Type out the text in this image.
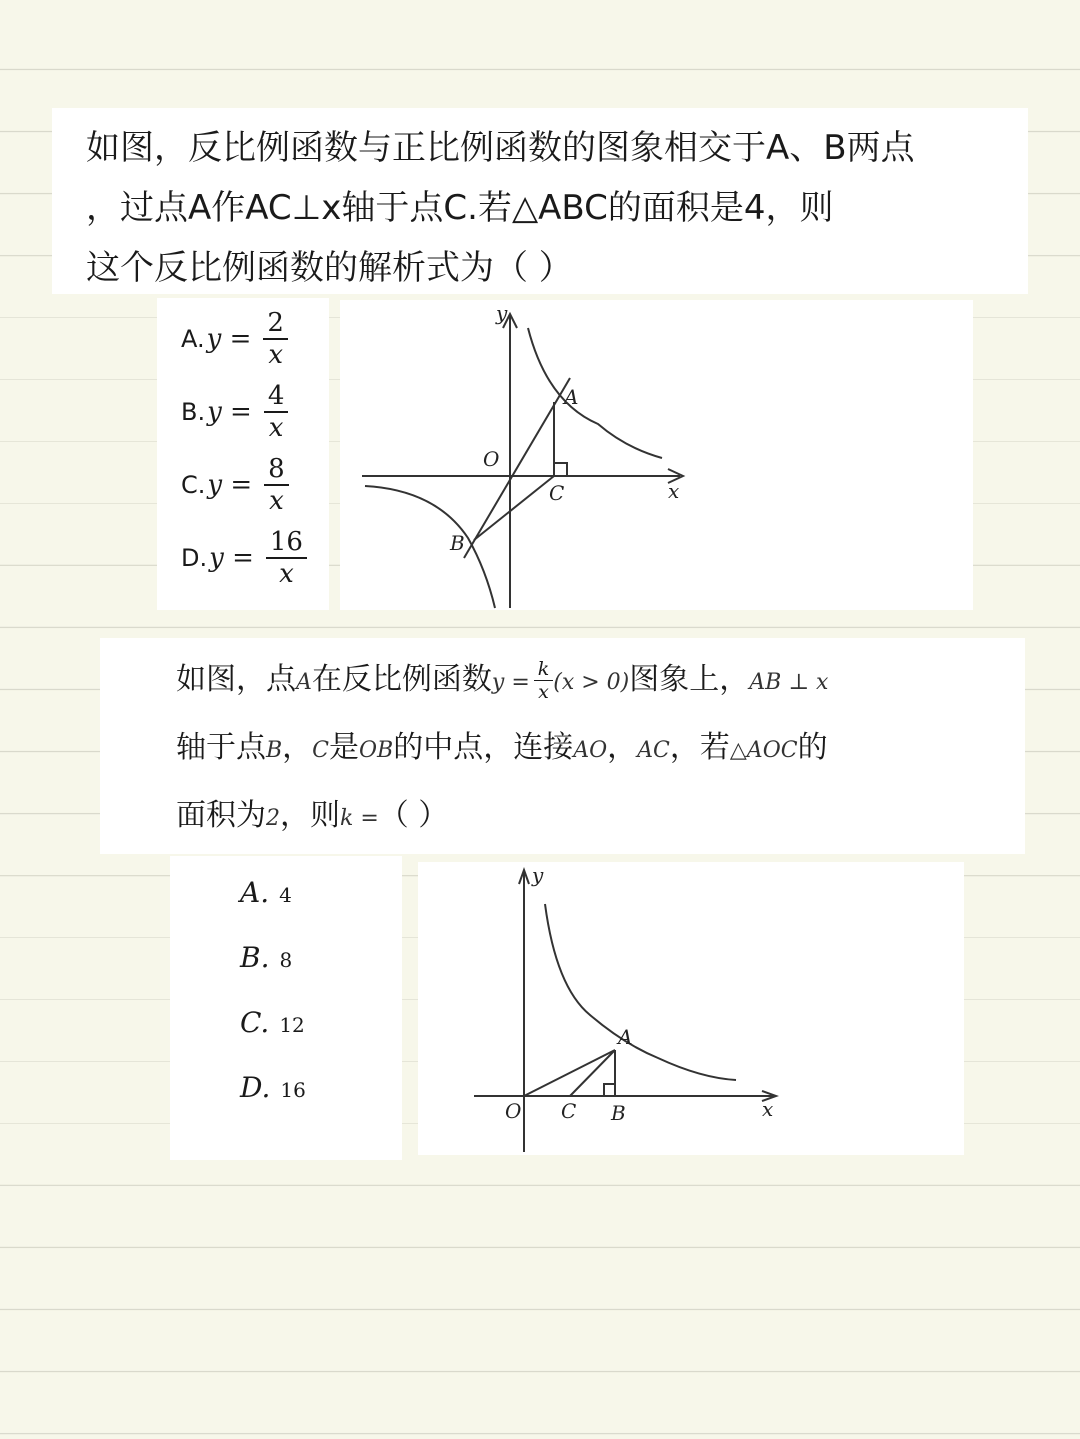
如图，反比例函数与正比例函数的图象相交于A、B两点
，过点A作AC⊥x轴于点C.若△ABC的面积是4，则
这个反比例函数的解析式为（ ）
A. $y = \frac{2}{x}$
B. $y = \frac{4}{x}$
C. $y = \frac{8}{x}$
D. $y = \frac{16}{x}$
y
x
O
A
B
C
如图，点A在反比例函数$y = \frac{k}{x} (x > 0)$图象上，AB ⊥ x
轴于点B，C是OB的中点，连接AO，AC，若△AOC的
面积为2，则k =（ ）
A. 4
B. 8
C. 12
D. 16
y
x
O
A
B
C
